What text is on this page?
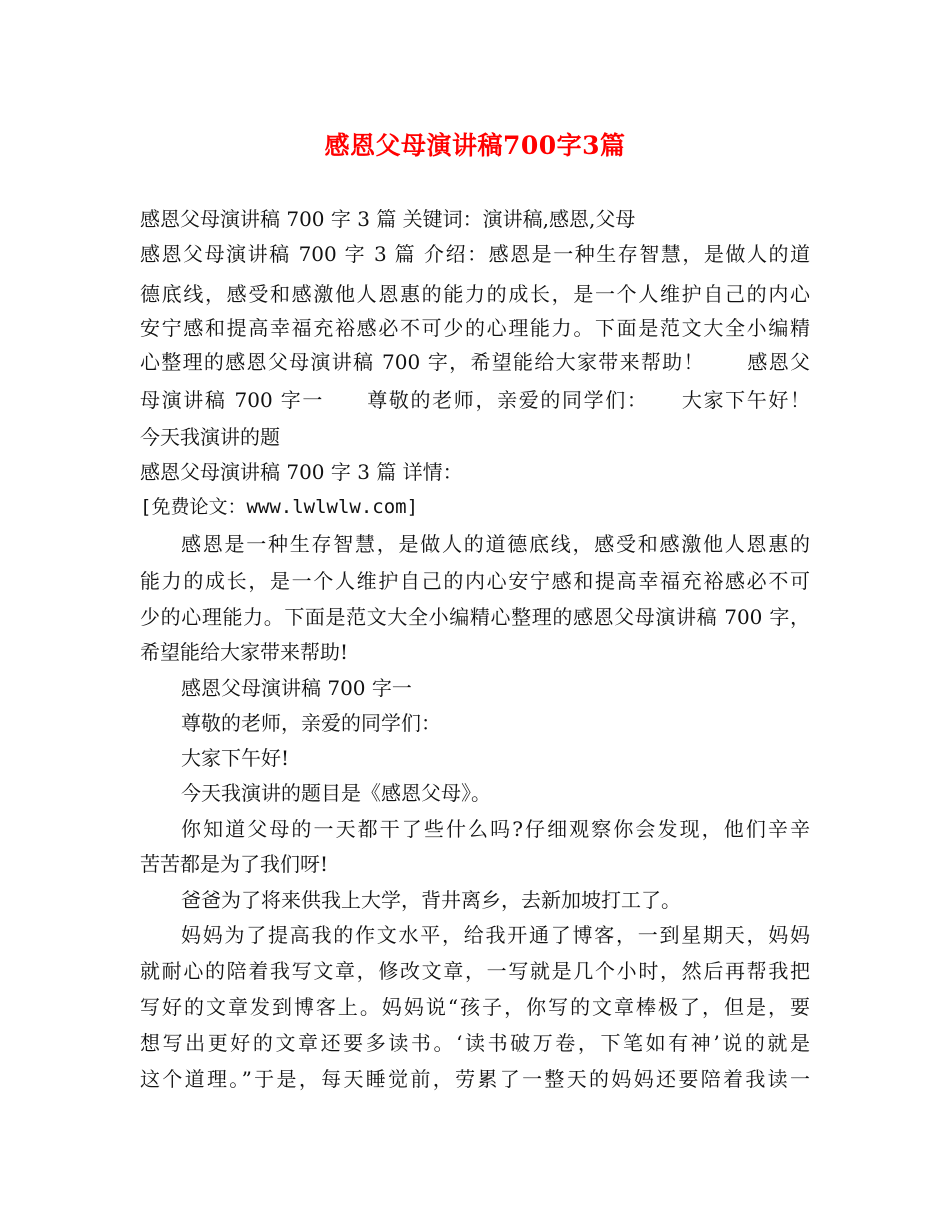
感恩父母演讲稿700字3篇
感恩父母演讲稿 700 字 3 篇 关键词：演讲稿,感恩,父母
感恩父母演讲稿 700 字 3 篇 介绍：感恩是一种生存智慧，是做人的道
德底线，感受和感激他人恩惠的能力的成长，是一个人维护自己的内心
安宁感和提高幸福充裕感必不可少的心理能力。下面是范文大全小编精
心整理的感恩父母演讲稿 700 字，希望能给大家带来帮助！　　感恩父
母演讲稿 700 字一　　尊敬的老师，亲爱的同学们：　　大家下午好！
今天我演讲的题
感恩父母演讲稿 700 字 3 篇 详情：
[免费论文：www.lwlwlw.com]
感恩是一种生存智慧，是做人的道德底线，感受和感激他人恩惠的
能力的成长，是一个人维护自己的内心安宁感和提高幸福充裕感必不可
少的心理能力。下面是范文大全小编精心整理的感恩父母演讲稿 700 字，
希望能给大家带来帮助!
感恩父母演讲稿 700 字一
尊敬的老师，亲爱的同学们：
大家下午好!
今天我演讲的题目是《感恩父母》。
你知道父母的一天都干了些什么吗?仔细观察你会发现，他们辛辛
苦苦都是为了我们呀!
爸爸为了将来供我上大学，背井离乡，去新加坡打工了。
妈妈为了提高我的作文水平，给我开通了博客，一到星期天，妈妈
就耐心的陪着我写文章，修改文章，一写就是几个小时，然后再帮我把
写好的文章发到博客上。妈妈说“孩子，你写的文章棒极了，但是，要
想写出更好的文章还要多读书。‘读书破万卷，下笔如有神’说的就是
这个道理。”于是，每天睡觉前，劳累了一整天的妈妈还要陪着我读一
